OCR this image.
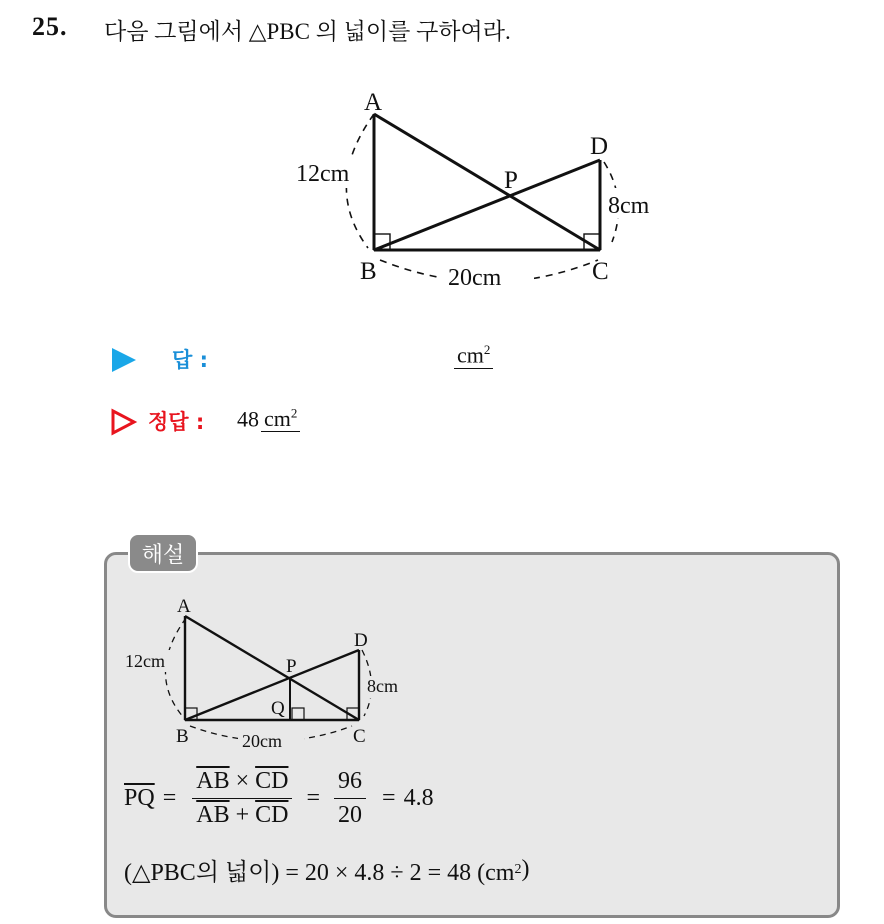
25. 다음 그림에서 △PBC 의 넓이를 구하여라.
A
B	C
D
P
12cm
20cm
8cm
답 :	$cm^2$
정답 : 48 $cm^2$
해설
A
B	C
D
P
Q
12cm
20cm
8cm
$\overline{PQ} = \frac{\overline{AB} \times \overline{CD}}{\overline{AB} + \overline{CD}} = \frac{96}{20} = 4.8$
(△PBC의 넓이) = 20 × 4.8 ÷ 2 = 48 (cm 2 )
